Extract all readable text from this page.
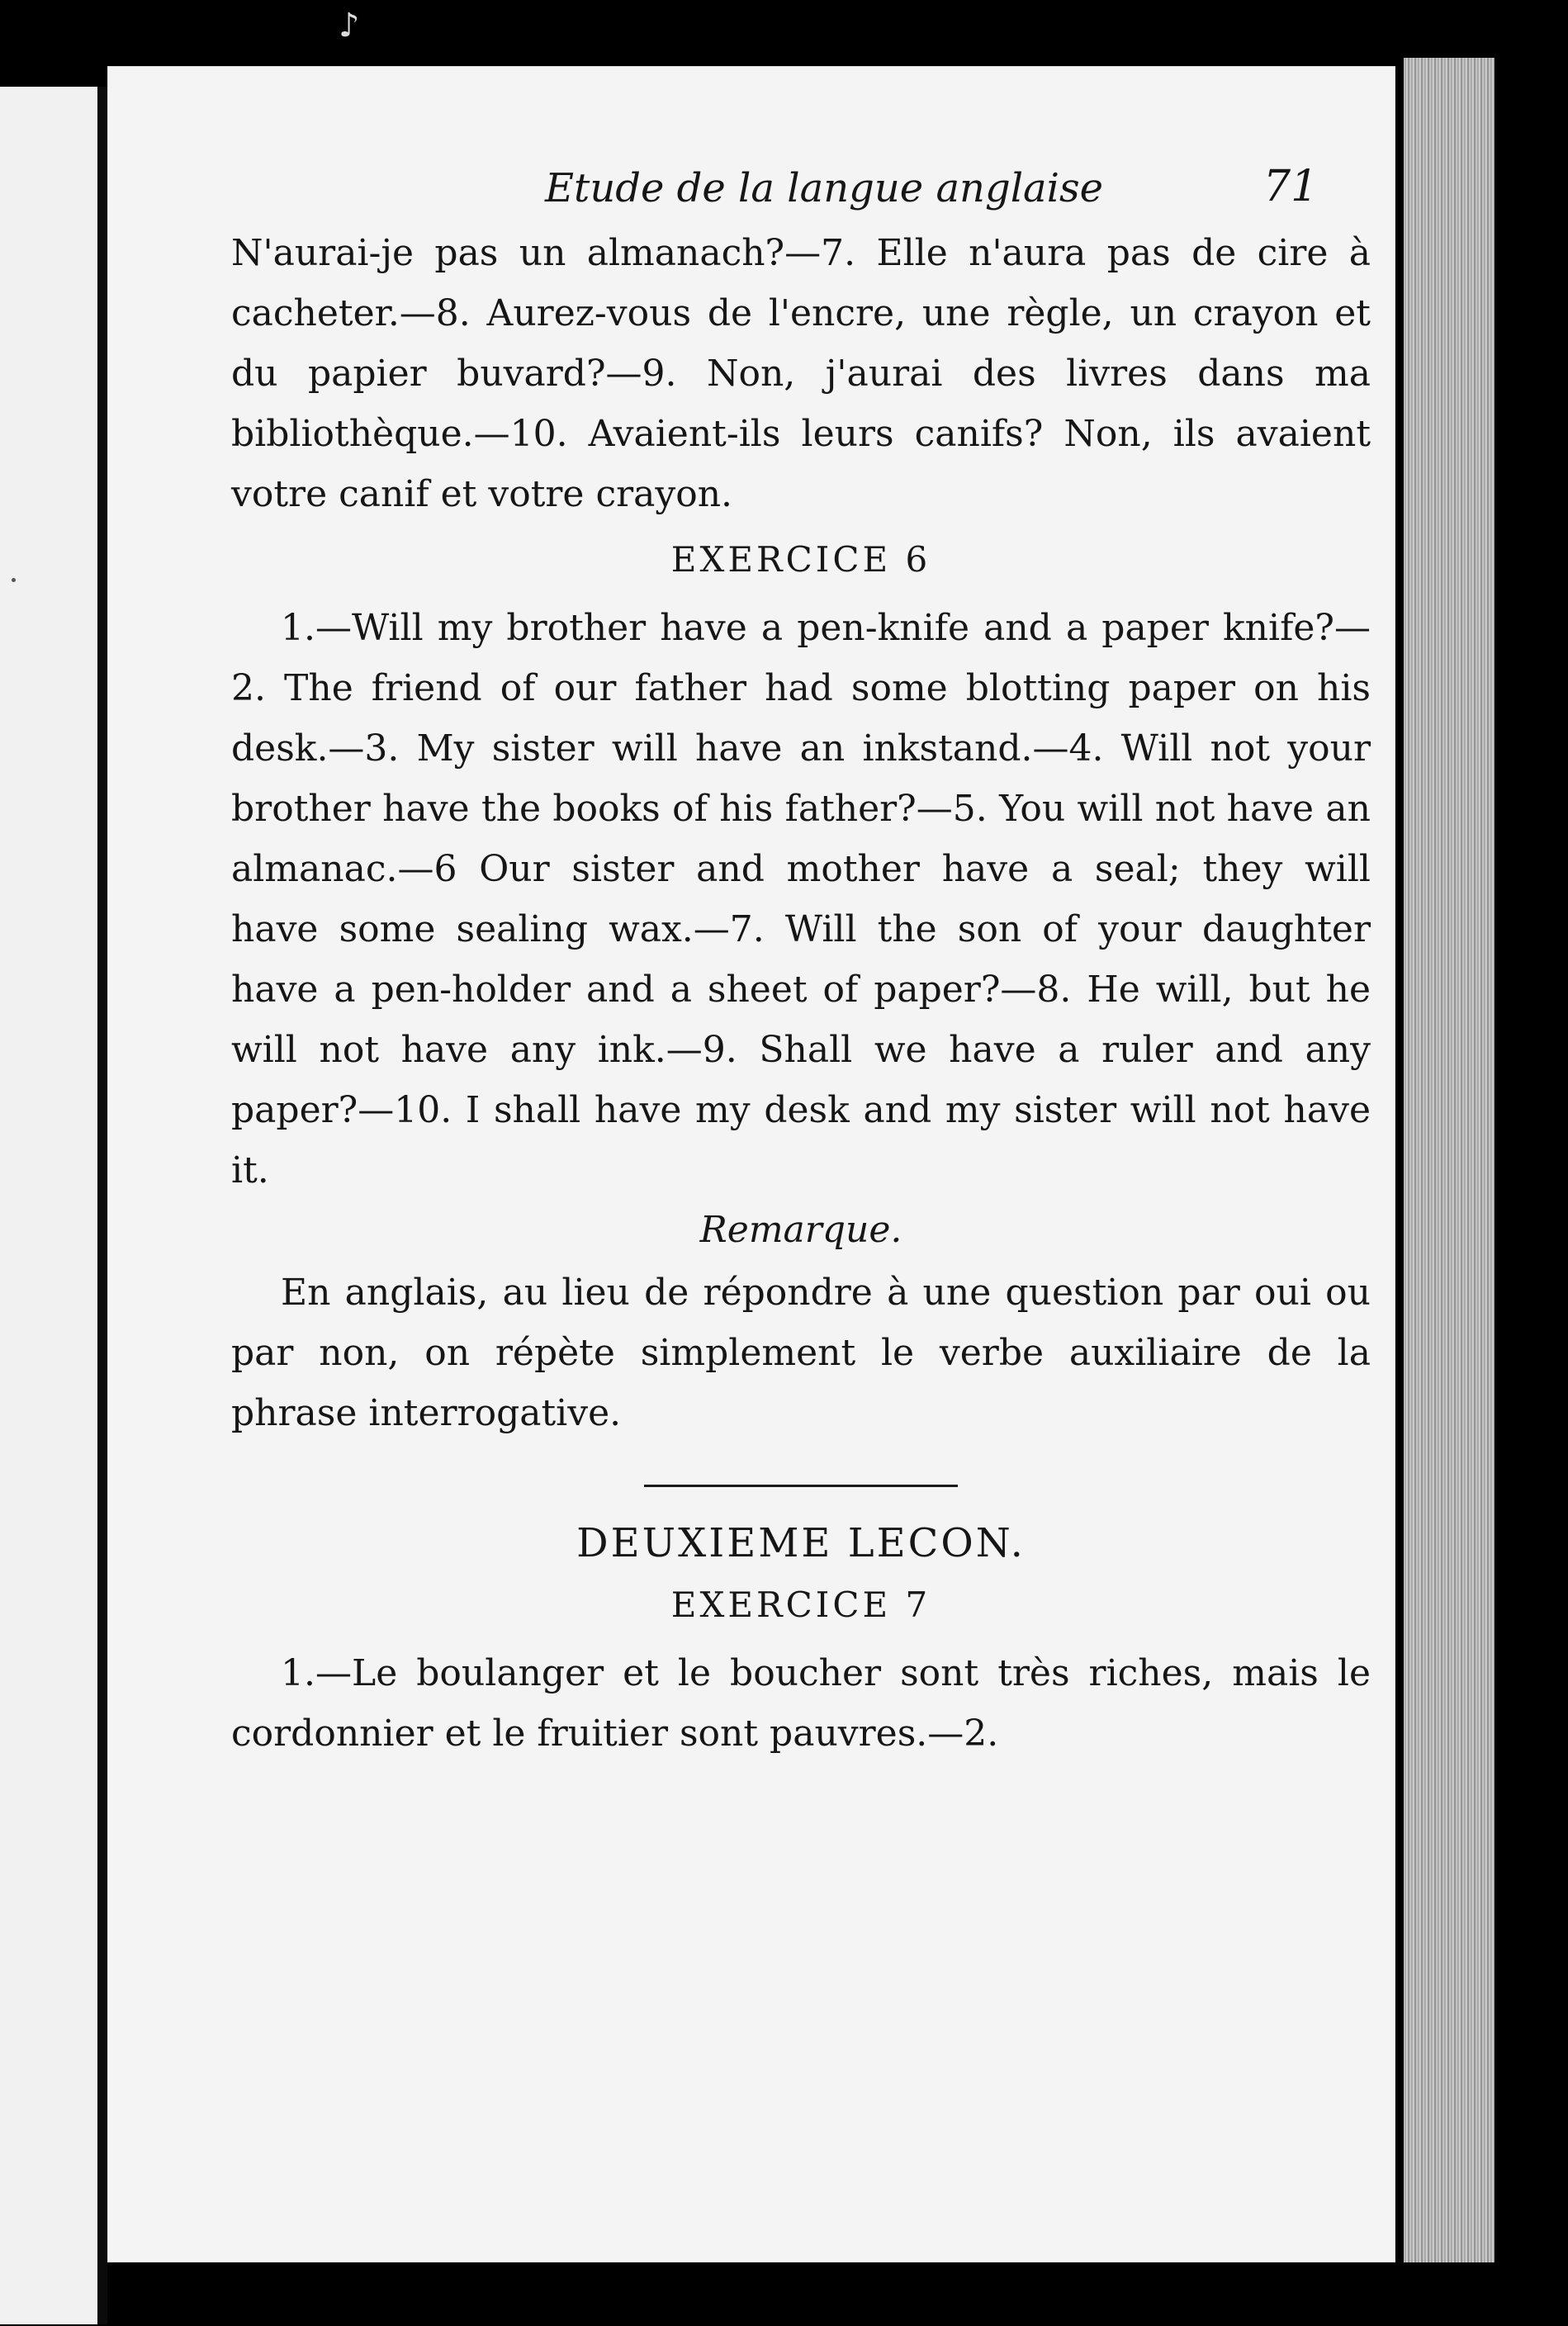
♪
Etude de la langue anglaise	71

N'aurai-je pas un almanach?—7. Elle n'aura pas de cire à cacheter.—8. Aurez-vous de l'encre, une règle, un crayon et du papier buvard?—9. Non, j'aurai des livres dans ma bibliothèque.—10. Avaient-ils leurs canifs? Non, ils avaient votre canif et votre crayon.

EXERCICE 6

1.—Will my brother have a pen-knife and a paper knife?—2. The friend of our father had some blotting paper on his desk.—3. My sister will have an inkstand.—4. Will not your brother have the books of his father?—5. You will not have an almanac.—6 Our sister and mother have a seal; they will have some sealing wax.—7. Will the son of your daughter have a pen-holder and a sheet of paper?—8. He will, but he will not have any ink.—9. Shall we have a ruler and any paper?—10. I shall have my desk and my sister will not have it.

Remarque.

En anglais, au lieu de répondre à une question par oui ou par non, on répète simplement le verbe auxiliaire de la phrase interrogative.

DEUXIEME LECON.
EXERCICE 7

1.—Le boulanger et le boucher sont très riches, mais le cordonnier et le fruitier sont pauvres.—2.
